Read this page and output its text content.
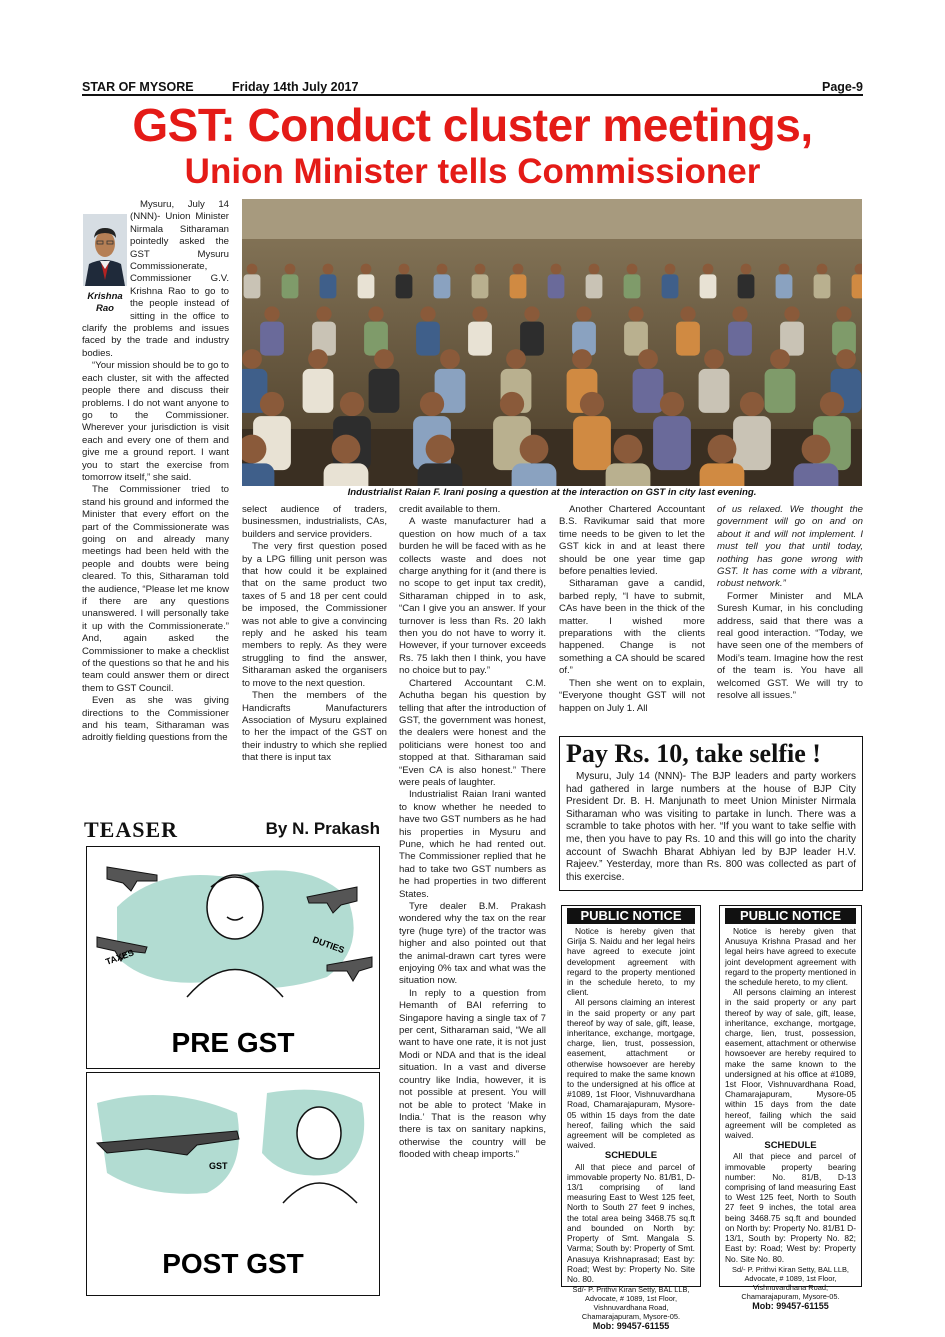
STAR OF MYSORE	Friday 14th July 2017	Page-9
GST: Conduct cluster meetings,
Union Minister tells Commissioner
Krishna Rao

Mysuru, July 14 (NNN)- Union Minister Nirmala Sitharaman pointedly asked the GST Mysuru Commissionerate, Commissioner G.V. Krishna Rao to go to the people instead of sitting in the office to clarify the problems and issues faced by the trade and industry bodies.

“Your mission should be to go to each cluster, sit with the affected people there and discuss their problems. I do not want anyone to go to the Commissioner. Wherever your jurisdiction is visit each and every one of them and give me a ground report. I want you to start the exercise from tomorrow itself,” she said.

The Commissioner tried to stand his ground and informed the Minister that every effort on the part of the Commissionerate was going on and already many meetings had been held with the people and doubts were being cleared. To this, Sitharaman told the audience, “Please let me know if there are any questions unanswered. I will personally take it up with the Commissionerate.” And, again asked the Commissioner to make a checklist of the questions so that he and his team could answer them or direct them to GST Council.

Even as she was giving directions to the Commissioner and his team, Sitharaman was adroitly fielding questions from the

Industrialist Raian F. Irani posing a question at the interaction on GST in city last evening.

select audience of traders, businessmen, industrialists, CAs, builders and service providers.

The very first question posed by a LPG filling unit person was that how could it be explained that on the same product two taxes of 5 and 18 per cent could be imposed, the Commissioner was not able to give a convincing reply and he asked his team members to reply. As they were struggling to find the answer, Sitharaman asked the organisers to move to the next question.

Then the members of the Handicrafts Manufacturers Association of Mysuru explained to her the impact of the GST on their industry to which she replied that there is input tax

credit available to them.

A waste manufacturer had a question on how much of a tax burden he will be faced with as he collects waste and does not charge anything for it (and there is no scope to get input tax credit), Sitharaman chipped in to ask, “Can I give you an answer. If your turnover is less than Rs. 20 lakh then you do not have to worry it. However, if your turnover exceeds Rs. 75 lakh then I think, you have no choice but to pay.”

Chartered Accountant C.M. Achutha began his question by telling that after the introduction of GST, the government was honest, the dealers were honest and the politicians were honest too and stopped at that. Sitharaman said “Even CA is also honest.” There were peals of laughter.

Industrialist Raian Irani wanted to know whether he needed to have two GST numbers as he had his properties in Mysuru and Pune, which he had rented out. The Commissioner replied that he had to take two GST numbers as he had properties in two different States.

Tyre dealer B.M. Prakash wondered why the tax on the rear tyre (huge tyre) of the tractor was higher and also pointed out that the animal-drawn cart tyres were enjoying 0% tax and what was the situation now.

In reply to a question from Hemanth of BAI referring to Singapore having a single tax of 7 per cent, Sitharaman said, “We all want to have one rate, it is not just Modi or NDA and that is the ideal situation. In a vast and diverse country like India, however, it is not possible at present. You will not be able to protect ‘Make in India.’ That is the reason why there is tax on sanitary napkins, otherwise the country will be flooded with cheap imports.”

Another Chartered Accountant B.S. Ravikumar said that more time needs to be given to let the GST kick in and at least there should be one year time gap before penalties levied.

Sitharaman gave a candid, barbed reply, “I have to submit, CAs have been in the thick of the matter. I wished more preparations with the clients happened. Change is not something a CA should be scared of.”

Then she went on to explain, “Everyone thought GST will not happen on July 1. All

of us relaxed. We thought the government will go on and on about it and will not implement. I must tell you that until today, nothing has gone wrong with GST. It has come with a vibrant, robust network.”

Former Minister and MLA Suresh Kumar, in his concluding address, said that there was a real good interaction. “Today, we have seen one of the members of Modi’s team. Imagine how the rest of the team is. You have all welcomed GST. We will try to resolve all issues.”

Pay Rs. 10, take selfie !
Mysuru, July 14 (NNN)- The BJP leaders and party workers had gathered in large numbers at the house of BJP City President Dr. B. H. Manjunath to meet Union Minister Nirmala Sitharaman who was visiting to partake in lunch. There was a scramble to take photos with her. “If you want to take selfie with me, then you have to pay Rs. 10 and this will go into the charity account of Swachh Bharat Abhiyan led by BJP leader H.V. Rajeev.” Yesterday, more than Rs. 800 was collected as part of this exercise.
TEASER	By N. Prakash
TAXES
DUTIES
PRE GST
GST
POST GST
PUBLIC NOTICE

Notice is hereby given that Girija S. Naidu and her legal heirs have agreed to execute joint development agreement with regard to the property mentioned in the schedule hereto, to my client.

All persons claiming an interest in the said property or any part thereof by way of sale, gift, lease, inheritance, exchange, mortgage, charge, lien, trust, possession, easement, attachment or otherwise howsoever are hereby required to make the same known to the undersigned at his office at #1089, 1st Floor, Vishnuvardhana Road, Chamarajapuram, Mysore-05 within 15 days from the date hereof, failing which the said agreement will be completed as waived.

SCHEDULE

All that piece and parcel of immovable property No. 81/B1, D-13/1 comprising of land measuring East to West 125 feet, North to South 27 feet 9 inches, the total area being 3468.75 sq.ft and bounded on North by: Property of Smt. Mangala S. Varma; South by: Property of Smt. Anasuya Krishnaprasad; East by: Road; West by: Property No. Site No. 80.

Sd/- P. Prithvi Kiran Setty, BAL LLB, Advocate, # 1089, 1st Floor, Vishnuvardhana Road, Chamarajapuram, Mysore-05.
Mob: 99457-61155
PUBLIC NOTICE

Notice is hereby given that Anusuya Krishna Prasad and her legal heirs have agreed to execute joint development agreement with regard to the property mentioned in the schedule hereto, to my client.

All persons claiming an interest in the said property or any part thereof by way of sale, gift, lease, inheritance, exchange, mortgage, charge, lien, trust, possession, easement, attachment or otherwise howsoever are hereby required to make the same known to the undersigned at his office at #1089, 1st Floor, Vishnuvardhana Road, Chamarajapuram, Mysore-05 within 15 days from the date hereof, failing which the said agreement will be completed as waived.

SCHEDULE

All that piece and parcel of immovable property bearing number: No. 81/B, D-13 comprising of land measuring East to West 125 feet, North to South 27 feet 9 inches, the total area being 3468.75 sq.ft and bounded on North by: Property No. 81/B1 D-13/1, South by: Property No. 82; East by: Road; West by: Property No. Site No. 80.

Sd/- P. Prithvi Kiran Setty, BAL LLB, Advocate, # 1089, 1st Floor, Vishnuvardhana Road, Chamarajapuram, Mysore-05.
Mob: 99457-61155
